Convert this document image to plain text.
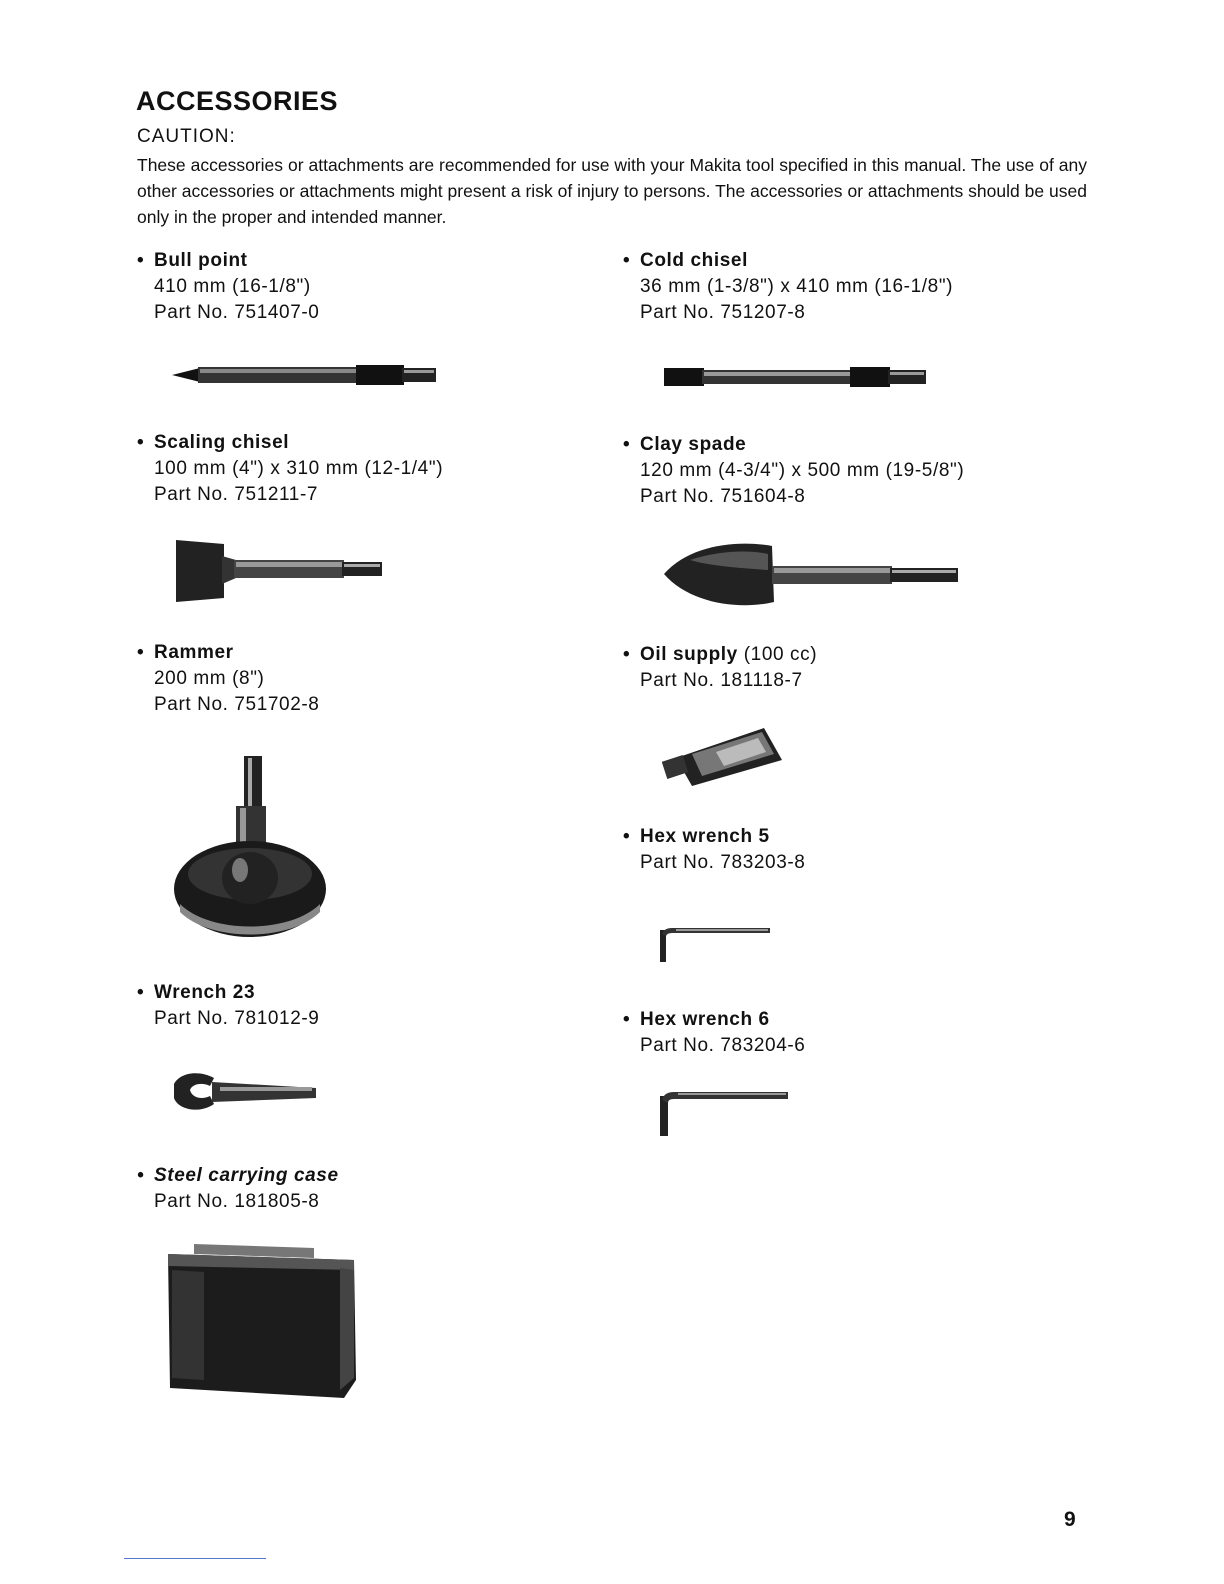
ACCESSORIES
CAUTION:
These accessories or attachments are recommended for use with your Makita tool specified in this manual. The use of any other accessories or attachments might present a risk of injury to persons. The accessories or attachments should be used only in the proper and intended manner.
• Bull point
410 mm (16-1/8")
Part No. 751407-0
• Cold chisel
36 mm (1-3/8") x 410 mm (16-1/8")
Part No. 751207-8
• Scaling chisel
100 mm (4") x 310 mm (12-1/4")
Part No. 751211-7
• Clay spade
120 mm (4-3/4") x 500 mm (19-5/8")
Part No. 751604-8
• Rammer
200 mm (8")
Part No. 751702-8
• Oil supply (100 cc)
Part No. 181118-7
• Hex wrench 5
Part No. 783203-8
• Wrench 23
Part No. 781012-9
•	Hex wrench 6
Part No. 783204-6
• Steel carrying case
Part No. 181805-8
9
